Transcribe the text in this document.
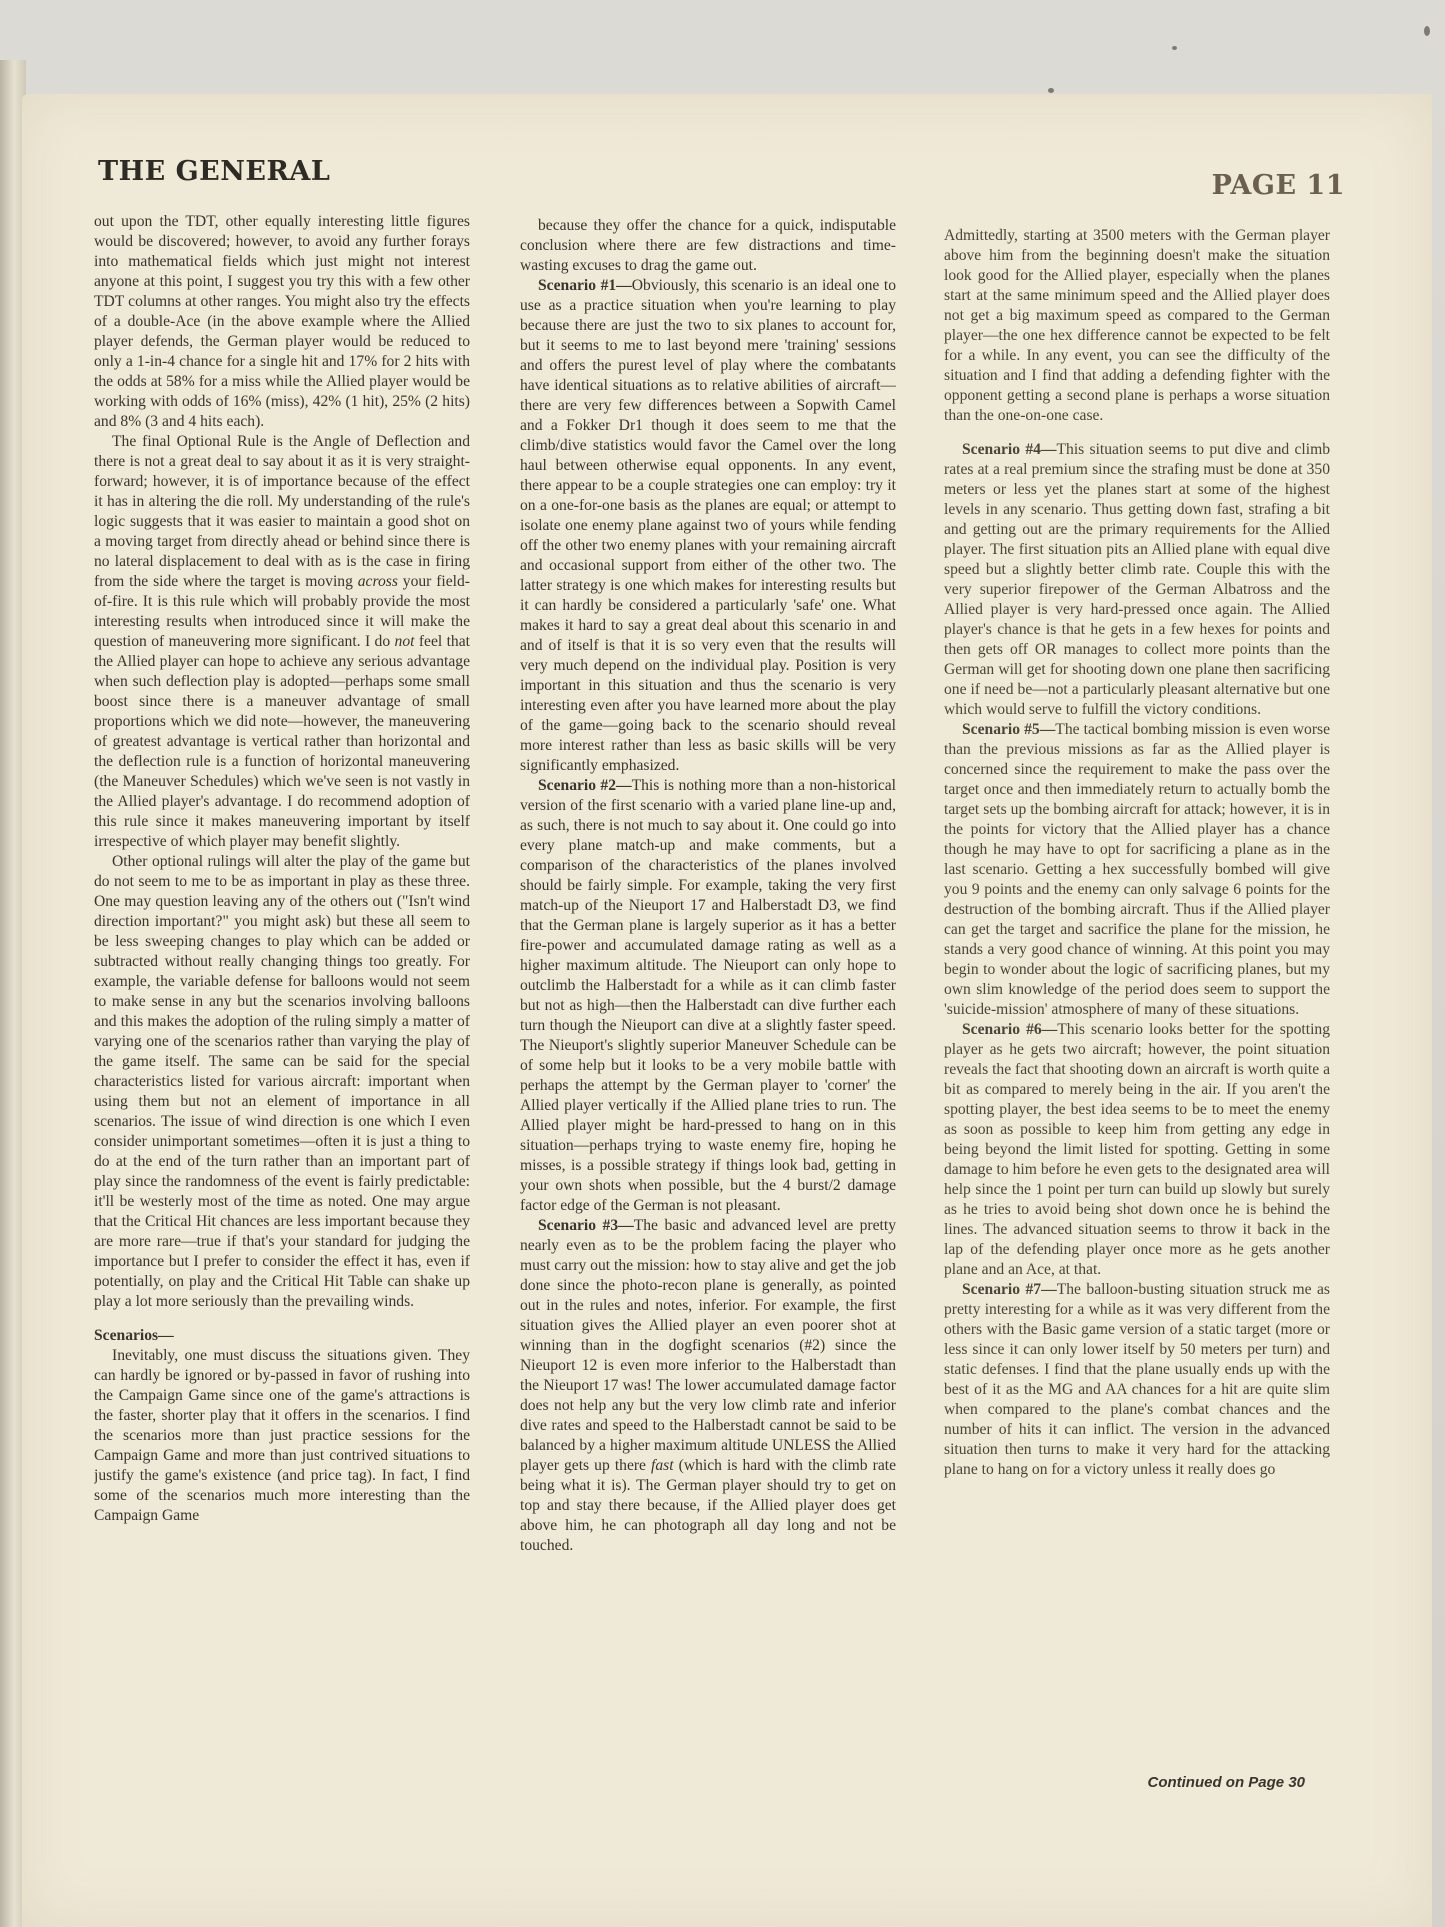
THE GENERAL	PAGE 11

out upon the TDT, other equally interesting little figures would be discovered; however, to avoid any further forays into mathematical fields which just might not interest anyone at this point, I suggest you try this with a few other TDT columns at other ranges. You might also try the effects of a double-Ace (in the above example where the Allied player defends, the German player would be reduced to only a 1-in-4 chance for a single hit and 17% for 2 hits with the odds at 58% for a miss while the Allied player would be working with odds of 16% (miss), 42% (1 hit), 25% (2 hits) and 8% (3 and 4 hits each).

The final Optional Rule is the Angle of Deflection and there is not a great deal to say about it as it is very straight-forward; however, it is of importance because of the effect it has in altering the die roll. My understanding of the rule's logic suggests that it was easier to maintain a good shot on a moving target from directly ahead or behind since there is no lateral displacement to deal with as is the case in firing from the side where the target is moving across your field-of-fire. It is this rule which will probably provide the most interesting results when introduced since it will make the question of maneuvering more significant. I do not feel that the Allied player can hope to achieve any serious advantage when such deflection play is adopted—perhaps some small boost since there is a maneuver advantage of small proportions which we did note—however, the maneuvering of greatest advantage is vertical rather than horizontal and the deflection rule is a function of horizontal maneuvering (the Maneuver Schedules) which we've seen is not vastly in the Allied player's advantage. I do recommend adoption of this rule since it makes maneuvering important by itself irrespective of which player may benefit slightly.

Other optional rulings will alter the play of the game but do not seem to me to be as important in play as these three. One may question leaving any of the others out ("Isn't wind direction important?" you might ask) but these all seem to be less sweeping changes to play which can be added or subtracted without really changing things too greatly. For example, the variable defense for balloons would not seem to make sense in any but the scenarios involving balloons and this makes the adoption of the ruling simply a matter of varying one of the scenarios rather than varying the play of the game itself. The same can be said for the special characteristics listed for various aircraft: important when using them but not an element of importance in all scenarios. The issue of wind direction is one which I even consider unimportant sometimes—often it is just a thing to do at the end of the turn rather than an important part of play since the randomness of the event is fairly predictable: it'll be westerly most of the time as noted. One may argue that the Critical Hit chances are less important because they are more rare—true if that's your standard for judging the importance but I prefer to consider the effect it has, even if potentially, on play and the Critical Hit Table can shake up play a lot more seriously than the prevailing winds.

Scenarios—

Inevitably, one must discuss the situations given. They can hardly be ignored or by-passed in favor of rushing into the Campaign Game since one of the game's attractions is the faster, shorter play that it offers in the scenarios. I find the scenarios more than just practice sessions for the Campaign Game and more than just contrived situations to justify the game's existence (and price tag). In fact, I find some of the scenarios much more interesting than the Campaign Game

because they offer the chance for a quick, indisputable conclusion where there are few distractions and time-wasting excuses to drag the game out.

Scenario #1—Obviously, this scenario is an ideal one to use as a practice situation when you're learning to play because there are just the two to six planes to account for, but it seems to me to last beyond mere 'training' sessions and offers the purest level of play where the combatants have identical situations as to relative abilities of aircraft—there are very few differences between a Sopwith Camel and a Fokker Dr1 though it does seem to me that the climb/dive statistics would favor the Camel over the long haul between otherwise equal opponents. In any event, there appear to be a couple strategies one can employ: try it on a one-for-one basis as the planes are equal; or attempt to isolate one enemy plane against two of yours while fending off the other two enemy planes with your remaining aircraft and occasional support from either of the other two. The latter strategy is one which makes for interesting results but it can hardly be considered a particularly 'safe' one. What makes it hard to say a great deal about this scenario in and and of itself is that it is so very even that the results will very much depend on the individual play. Position is very important in this situation and thus the scenario is very interesting even after you have learned more about the play of the game—going back to the scenario should reveal more interest rather than less as basic skills will be very significantly emphasized.

Scenario #2—This is nothing more than a non-historical version of the first scenario with a varied plane line-up and, as such, there is not much to say about it. One could go into every plane match-up and make comments, but a comparison of the characteristics of the planes involved should be fairly simple. For example, taking the very first match-up of the Nieuport 17 and Halberstadt D3, we find that the German plane is largely superior as it has a better fire-power and accumulated damage rating as well as a higher maximum altitude. The Nieuport can only hope to outclimb the Halberstadt for a while as it can climb faster but not as high—then the Halberstadt can dive further each turn though the Nieuport can dive at a slightly faster speed. The Nieuport's slightly superior Maneuver Schedule can be of some help but it looks to be a very mobile battle with perhaps the attempt by the German player to 'corner' the Allied player vertically if the Allied plane tries to run. The Allied player might be hard-pressed to hang on in this situation—perhaps trying to waste enemy fire, hoping he misses, is a possible strategy if things look bad, getting in your own shots when possible, but the 4 burst/2 damage factor edge of the German is not pleasant.

Scenario #3—The basic and advanced level are pretty nearly even as to be the problem facing the player who must carry out the mission: how to stay alive and get the job done since the photo-recon plane is generally, as pointed out in the rules and notes, inferior. For example, the first situation gives the Allied player an even poorer shot at winning than in the dogfight scenarios (#2) since the Nieuport 12 is even more inferior to the Halberstadt than the Nieuport 17 was! The lower accumulated damage factor does not help any but the very low climb rate and inferior dive rates and speed to the Halberstadt cannot be said to be balanced by a higher maximum altitude UNLESS the Allied player gets up there fast (which is hard with the climb rate being what it is). The German player should try to get on top and stay there because, if the Allied player does get above him, he can photograph all day long and not be touched.

Admittedly, starting at 3500 meters with the German player above him from the beginning doesn't make the situation look good for the Allied player, especially when the planes start at the same minimum speed and the Allied player does not get a big maximum speed as compared to the German player—the one hex difference cannot be expected to be felt for a while. In any event, you can see the difficulty of the situation and I find that adding a defending fighter with the opponent getting a second plane is perhaps a worse situation than the one-on-one case.

Scenario #4—This situation seems to put dive and climb rates at a real premium since the strafing must be done at 350 meters or less yet the planes start at some of the highest levels in any scenario. Thus getting down fast, strafing a bit and getting out are the primary requirements for the Allied player. The first situation pits an Allied plane with equal dive speed but a slightly better climb rate. Couple this with the very superior firepower of the German Albatross and the Allied player is very hard-pressed once again. The Allied player's chance is that he gets in a few hexes for points and then gets off OR manages to collect more points than the German will get for shooting down one plane then sacrificing one if need be—not a particularly pleasant alternative but one which would serve to fulfill the victory conditions.

Scenario #5—The tactical bombing mission is even worse than the previous missions as far as the Allied player is concerned since the requirement to make the pass over the target once and then immediately return to actually bomb the target sets up the bombing aircraft for attack; however, it is in the points for victory that the Allied player has a chance though he may have to opt for sacrificing a plane as in the last scenario. Getting a hex successfully bombed will give you 9 points and the enemy can only salvage 6 points for the destruction of the bombing aircraft. Thus if the Allied player can get the target and sacrifice the plane for the mission, he stands a very good chance of winning. At this point you may begin to wonder about the logic of sacrificing planes, but my own slim knowledge of the period does seem to support the 'suicide-mission' atmosphere of many of these situations.

Scenario #6—This scenario looks better for the spotting player as he gets two aircraft; however, the point situation reveals the fact that shooting down an aircraft is worth quite a bit as compared to merely being in the air. If you aren't the spotting player, the best idea seems to be to meet the enemy as soon as possible to keep him from getting any edge in being beyond the limit listed for spotting. Getting in some damage to him before he even gets to the designated area will help since the 1 point per turn can build up slowly but surely as he tries to avoid being shot down once he is behind the lines. The advanced situation seems to throw it back in the lap of the defending player once more as he gets another plane and an Ace, at that.

Scenario #7—The balloon-busting situation struck me as pretty interesting for a while as it was very different from the others with the Basic game version of a static target (more or less since it can only lower itself by 50 meters per turn) and static defenses. I find that the plane usually ends up with the best of it as the MG and AA chances for a hit are quite slim when compared to the plane's combat chances and the number of hits it can inflict. The version in the advanced situation then turns to make it very hard for the attacking plane to hang on for a victory unless it really does go

Continued on Page 30
